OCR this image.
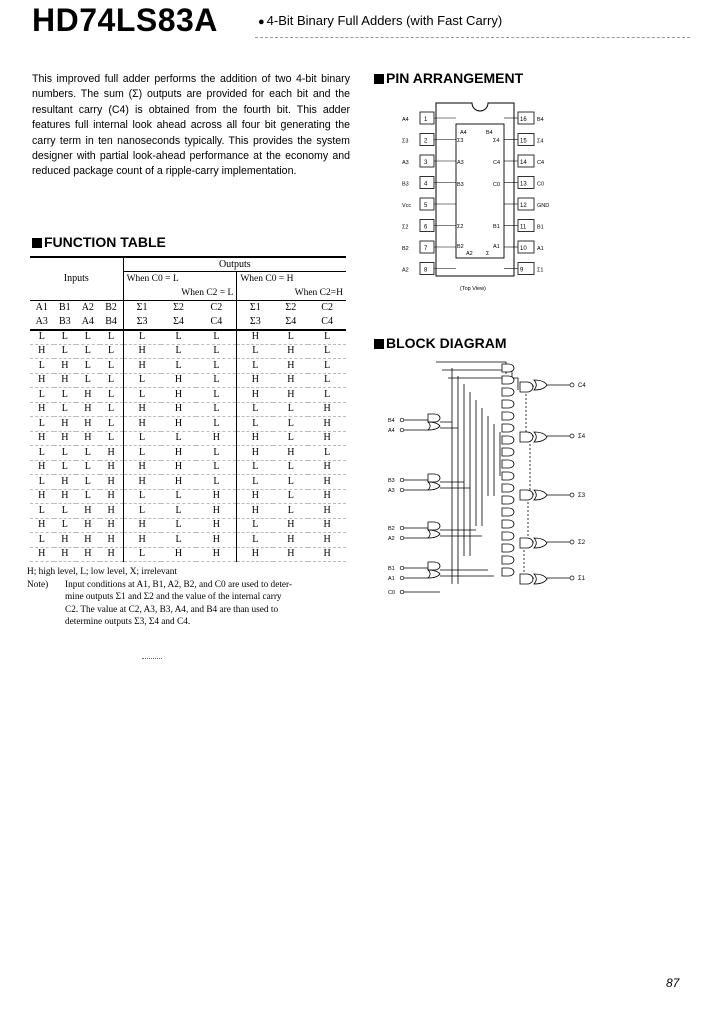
HD74LS83A	● 4-Bit Binary Full Adders (with Fast Carry)
This improved full adder performs the addition of two 4-bit binary numbers. The sum (Σ) outputs are provided for each bit and the resultant carry (C4) is obtained from the fourth bit. This adder features full internal look ahead across all four bit generating the carry term in ten nanoseconds typically. This provides the system designer with partial look-ahead performance at the economy and reduced package count of a ripple-carry implementation.
FUNCTION TABLE
PIN ARRANGEMENT
BLOCK DIAGRAM
Inputs				Outputs					
				When C0 = L			When C0 = H		
				When C2 = L			When C2=H		
A1	B1	A2	B2	Σ1	Σ2	C2	Σ1	Σ2	C2
A3	B3	A4	B4	Σ3	Σ4	C4	Σ3	Σ4	C4
L	L	L	L	L	L	L	H	L	L
H	L	L	L	H	L	L	L	H	L
L	H	L	L	H	L	L	L	H	L
H	H	L	L	L	H	L	H	H	L
L	L	H	L	L	H	L	H	H	L
H	L	H	L	H	H	L	L	L	H
L	H	H	L	H	H	L	L	L	H
H	H	H	L	L	L	H	H	L	H
L	L	L	H	L	H	L	H	H	L
H	L	L	H	H	H	L	L	L	H
L	H	L	H	H	H	L	L	L	H
H	H	L	H	L	L	H	H	L	H
L	L	H	H	L	L	H	H	L	H
H	L	H	H	H	L	H	L	H	H
L	H	H	H	H	L	H	L	H	H
H	H	H	H	L	H	H	H	H	H
H; high level, L; low level, X; irrelevant
Note) Input conditions at A1, B1, A2, B2, and C0 are used to deter-
mine outputs Σ1 and Σ2 and the value of the internal carry
C2. The value at C2, A3, B3, A4, and B4 are than used to
determine outputs Σ3, Σ4 and C4.
1
A4
2
Σ3
3
A3
4
B3
5
Vcc
6
Σ2
7
B2
8
A2
16 B4
15 Σ4
14 C4
13 C0
12 GND
11 B1
10 A1
9 Σ1
A4	B4
Σ3	Σ4
A3	C4
B3	C0
Σ2	B1
B2	A1
A2 Σ
(Top View)
C4
Σ4
Σ3
Σ2
Σ1
B4
A4
B3
A3
B2
A2
B1
A1
C0
87
